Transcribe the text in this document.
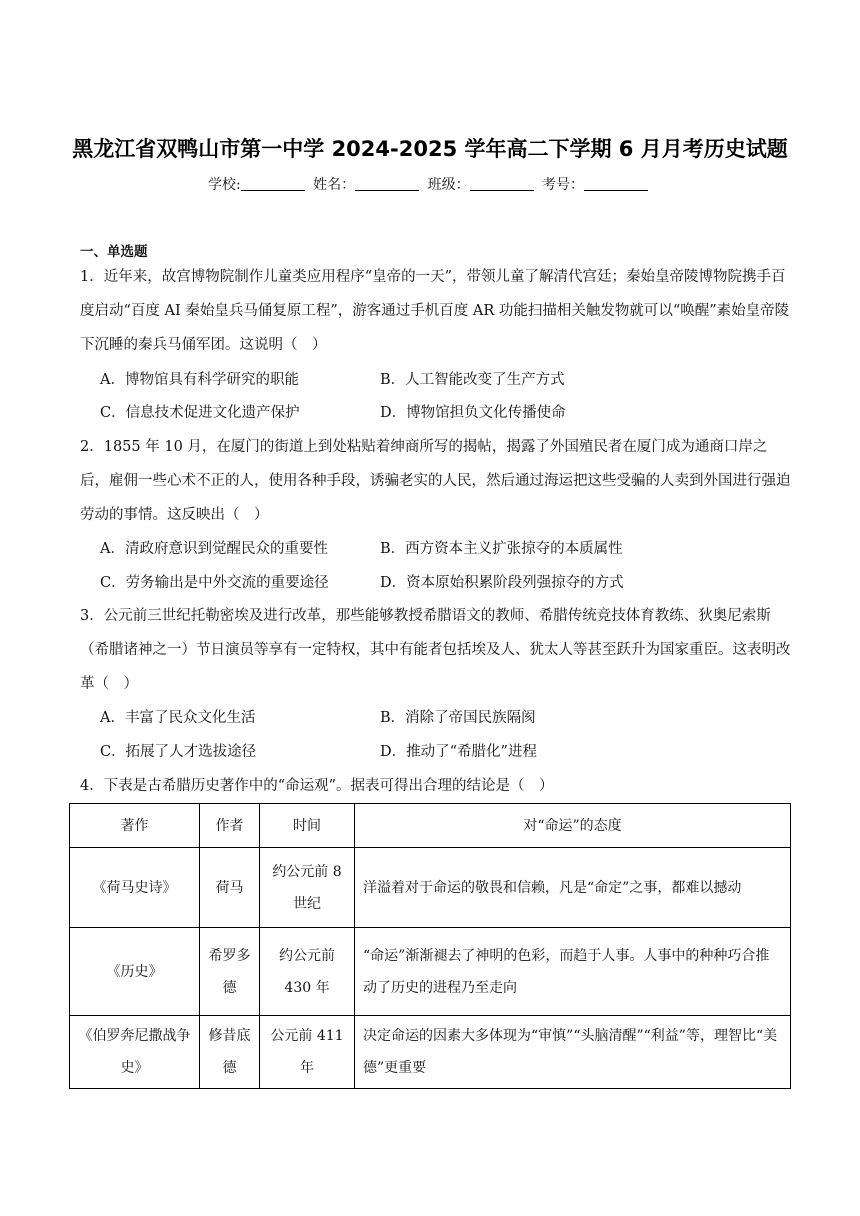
黑龙江省双鸭山市第一中学 2024-2025 学年高二下学期 6 月月考历史试题
学校:	姓名：	班级：	考号：
一、单选题
1．近年来，故宫博物院制作儿童类应用程序“皇帝的一天”，带领儿童了解清代宫廷；秦始皇帝陵博物院携手百度启动“百度 AI 秦始皇兵马俑复原工程”，游客通过手机百度 AR 功能扫描相关触发物就可以“唤醒”素始皇帝陵下沉睡的秦兵马俑军团。这说明（　）
A．博物馆具有科学研究的职能	B．人工智能改变了生产方式
C．信息技术促进文化遗产保护	D．博物馆担负文化传播使命
2．1855 年 10 月，在厦门的街道上到处粘贴着绅商所写的揭帖，揭露了外国殖民者在厦门成为通商口岸之后，雇佣一些心术不正的人，使用各种手段，诱骗老实的人民，然后通过海运把这些受骗的人卖到外国进行强迫劳动的事情。这反映出（　）
A．清政府意识到觉醒民众的重要性	B．西方资本主义扩张掠夺的本质属性
C．劳务输出是中外交流的重要途径	D．资本原始积累阶段列强掠夺的方式
3．公元前三世纪托勒密埃及进行改革，那些能够教授希腊语文的教师、希腊传统竞技体育教练、狄奥尼索斯（希腊诸神之一）节日演员等享有一定特权，其中有能者包括埃及人、犹太人等甚至跃升为国家重臣。这表明改革（　）
A．丰富了民众文化生活	B．消除了帝国民族隔阂
C．拓展了人才选拔途径	D．推动了“希腊化”进程
4．下表是古希腊历史著作中的“命运观”。据表可得出合理的结论是（　）
著作	作者	时间	对“命运”的态度
《荷马史诗》	荷马	约公元前 8 世纪	洋溢着对于命运的敬畏和信赖，凡是“命定”之事，都难以撼动
《历史》	希罗多德	约公元前 430 年	“命运”渐渐褪去了神明的色彩，而趋于人事。人事中的种种巧合推动了历史的进程乃至走向
《伯罗奔尼撒战争史》	修昔底德	公元前 411 年	决定命运的因素大多体现为“审慎”“头脑清醒”“利益”等，理智比“美德”更重要
